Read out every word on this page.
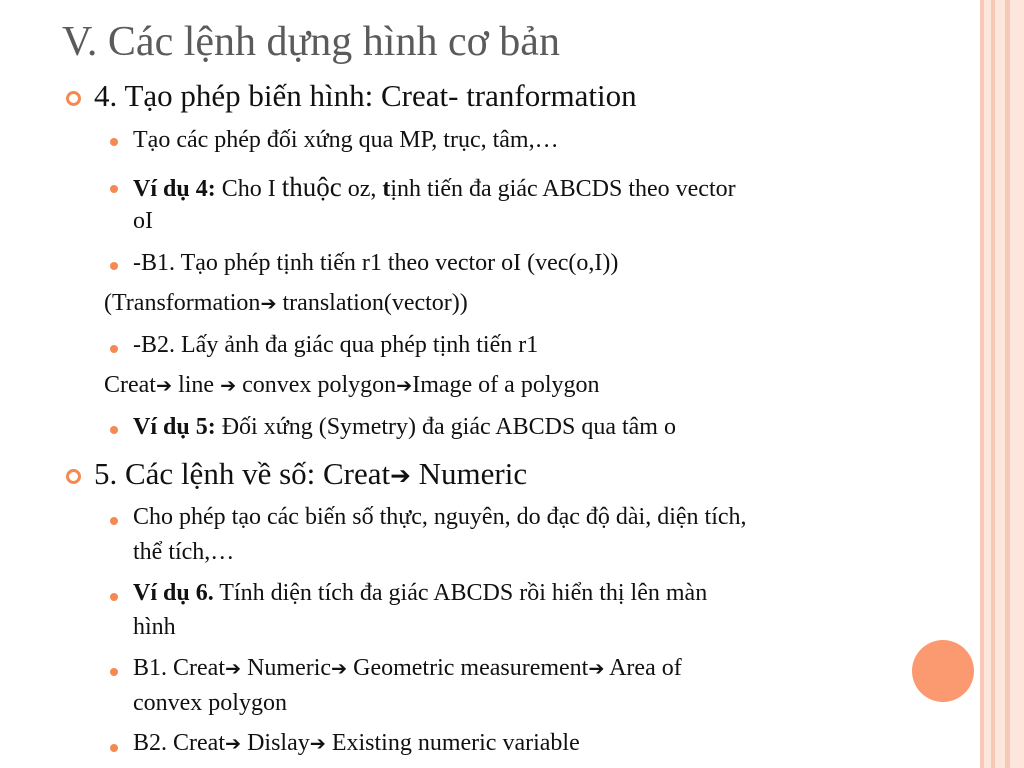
V. Các lệnh dựng hình cơ bản
4. Tạo phép biến hình: Creat- tranformation
Tạo các phép đối xứng qua MP, trục, tâm,…
Ví dụ 4: Cho I thuộc oz, tịnh tiến đa giác ABCDS theo vector
oI
-B1. Tạo phép tịnh tiến r1 theo vector oI (vec(o,I))
(Transformation➔ translation(vector))
-B2. Lấy ảnh đa giác qua phép tịnh tiến r1
Creat➔ line ➔ convex polygon➔Image of a polygon
Ví dụ 5: Đối xứng (Symetry) đa giác ABCDS qua tâm o
5. Các lệnh về số: Creat➔ Numeric
Cho phép tạo các biến số thực, nguyên, do đạc độ dài, diện tích,
thể tích,…
Ví dụ 6. Tính diện tích đa giác ABCDS rồi hiển thị lên màn
hình
B1. Creat➔ Numeric➔ Geometric measurement➔ Area of
convex polygon
B2. Creat➔ Dislay➔ Existing numeric variable
